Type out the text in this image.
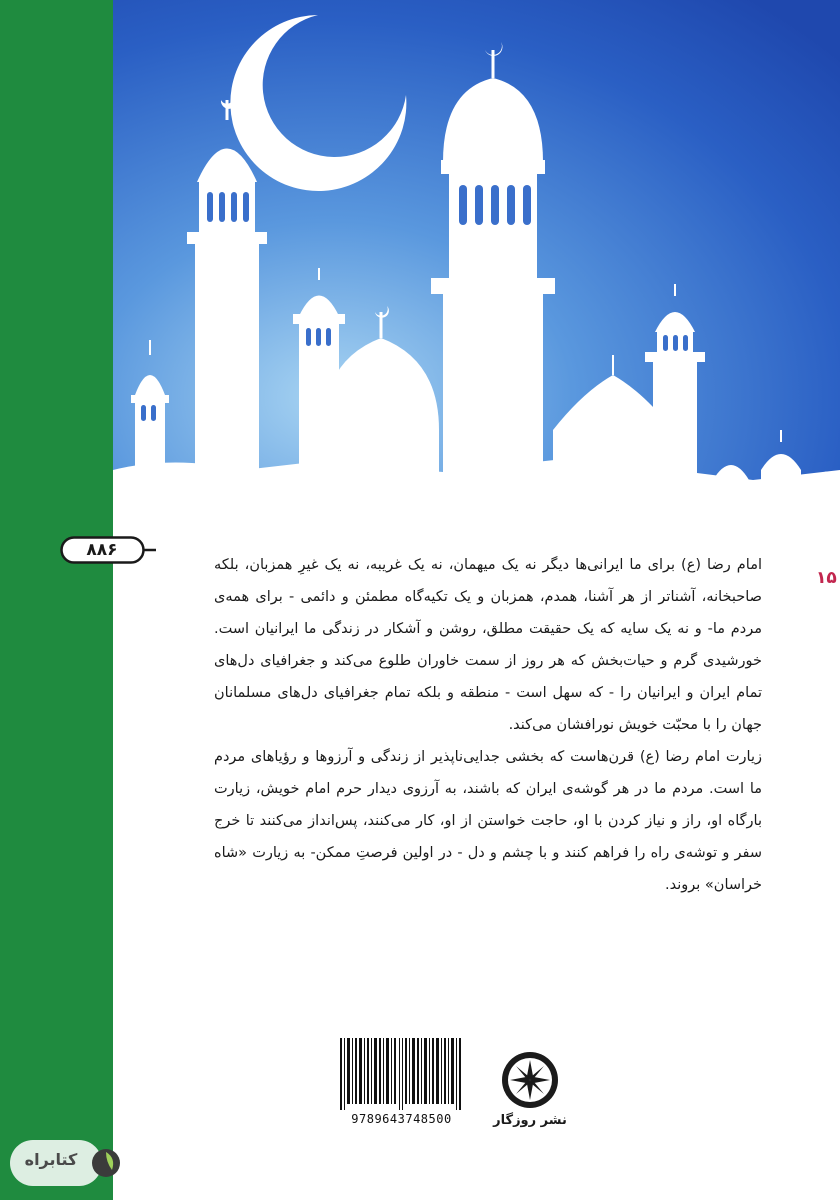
۸۸۶
۱۵

امام رضا (ع) برای ما ایرانی‌ها دیگر نه یک میهمان، نه یک غریبه، نه یک غیرِ همزبان، بلکه صاحبخانه، آشناتر از هر آشنا، همدم، همزبان و یک تکیه‌گاه مطمئن و دائمی - برای همه‌ی مردم ما- و نه یک سایه که یک حقیقت مطلق، روشن و آشکار در زندگی ما ایرانیان است. خورشیدی گرم و حیات‌بخش که هر روز از سمت خاوران طلوع می‌کند و جغرافیای دل‌های تمام ایران و ایرانیان را - که سهل است - منطقه و بلکه تمام جغرافیای دل‌های مسلمانان جهان را با محبّت خویش نورافشان می‌کند.

زیارت امام رضا (ع) قرن‌هاست که بخشی جدایی‌ناپذیر از زندگی و آرزوها و رؤیاهای مردم ما است. مردم ما در هر گوشه‌ی ایران که باشند، به آرزوی دیدار حرم امام خویش، زیارت بارگاه او، راز و نیاز کردن با او، حاجت خواستن از او، کار می‌کنند، پس‌انداز می‌کنند تا خرج سفر و توشه‌ی راه را فراهم کنند و با چشم و دل - در اولین فرصتِ ممکن- به زیارت «شاه خراسان» بروند.

9789643748500	نشر روزگار
کتابراه
